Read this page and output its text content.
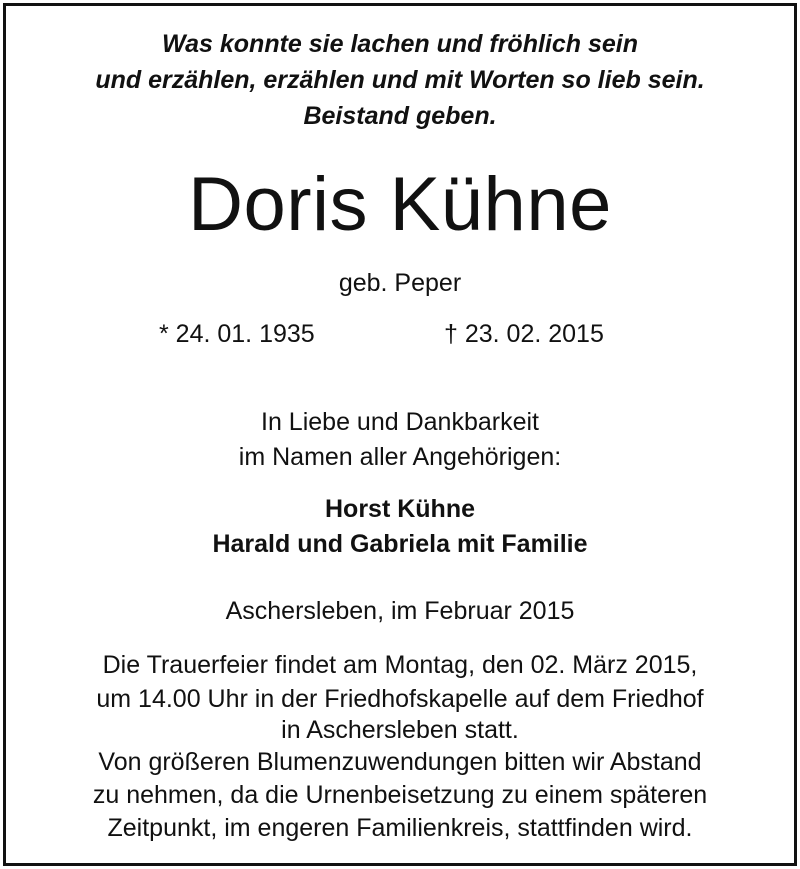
Was konnte sie lachen und fröhlich sein
und erzählen, erzählen und mit Worten so lieb sein.
Beistand geben.
Doris Kühne
geb. Peper
* 24. 01. 1935	† 23. 02. 2015
In Liebe und Dankbarkeit
im Namen aller Angehörigen:
Horst Kühne
Harald und Gabriela mit Familie
Aschersleben, im Februar 2015
Die Trauerfeier findet am Montag, den 02. März 2015,
um 14.00 Uhr in der Friedhofskapelle auf dem Friedhof
in Aschersleben statt.
Von größeren Blumenzuwendungen bitten wir Abstand
zu nehmen, da die Urnenbeisetzung zu einem späteren
Zeitpunkt, im engeren Familienkreis, stattfinden wird.
